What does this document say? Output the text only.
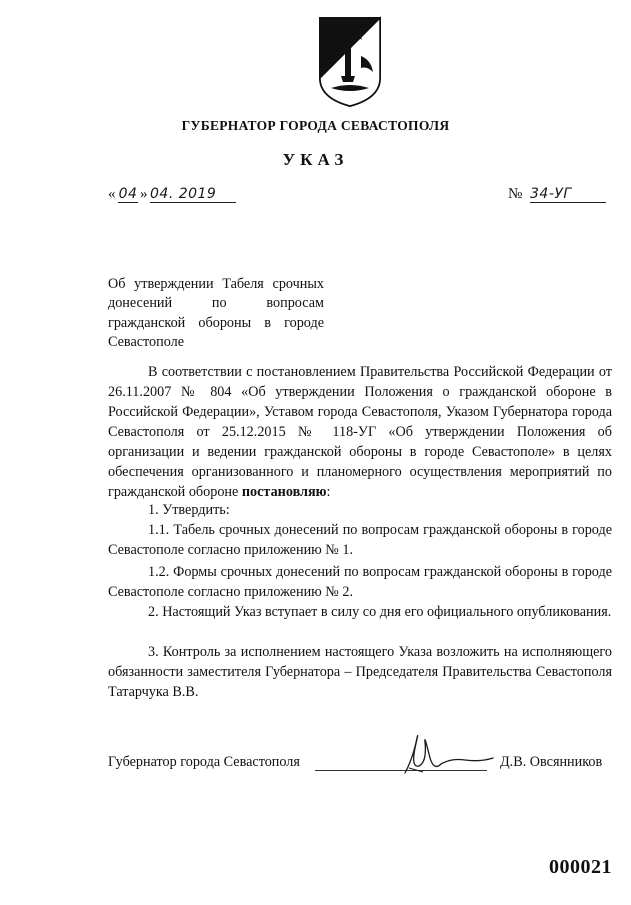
ГУБЕРНАТОР ГОРОДА СЕВАСТОПОЛЯ
УКАЗ
« 04 » 04. 2019	№ 34-УГ
Об утверждении Табеля срочных донесений по вопросам гражданской обороны в городе Севастополе
В соответствии с постановлением Правительства Российской Федерации от 26.11.2007 № 804 «Об утверждении Положения о гражданской обороне в Российской Федерации», Уставом города Севастополя, Указом Губернатора города Севастополя от 25.12.2015 № 118-УГ «Об утверждении Положения об организации и ведении гражданской обороны в городе Севастополе» в целях обеспечения организованного и планомерного осуществления мероприятий по гражданской обороне постановляю:
1. Утвердить:
1.1. Табель срочных донесений по вопросам гражданской обороны в городе Севастополе согласно приложению № 1.
1.2. Формы срочных донесений по вопросам гражданской обороны в городе Севастополе согласно приложению № 2.
2. Настоящий Указ вступает в силу со дня его официального опубликования.
3. Контроль за исполнением настоящего Указа возложить на исполняющего обязанности заместителя Губернатора – Председателя Правительства Севастополя Татарчука В.В.
Губернатор города Севастополя	Д.В. Овсянников
000021
